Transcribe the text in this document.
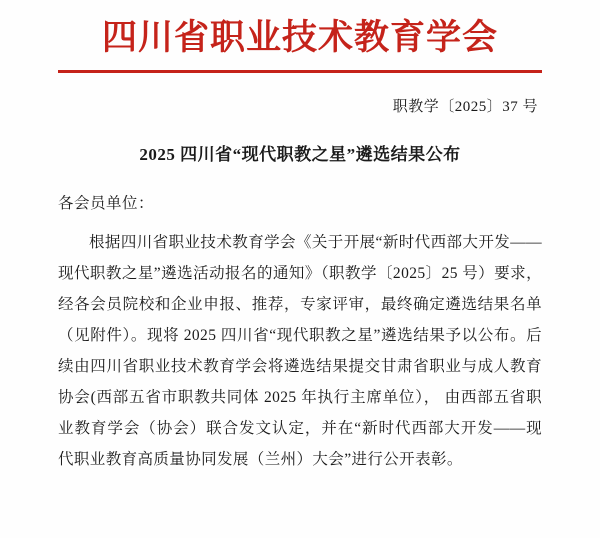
四川省职业技术教育学会
职教学〔2025〕37 号
2025 四川省“现代职教之星”遴选结果公布
各会员单位：

根据四川省职业技术教育学会《关于开展“新时代西部大开发——现代职教之星”遴选活动报名的通知》（职教学〔2025〕25 号）要求，经各会员院校和企业申报、推荐，专家评审，最终确定遴选结果名单（见附件）。现将 2025 四川省“现代职教之星”遴选结果予以公布。后续由四川省职业技术教育学会将遴选结果提交甘肃省职业与成人教育协会(西部五省市职教共同体 2025 年执行主席单位）， 由西部五省职业教育学会（协会）联合发文认定，并在“新时代西部大开发——现代职业教育高质量协同发展（兰州）大会”进行公开表彰。
